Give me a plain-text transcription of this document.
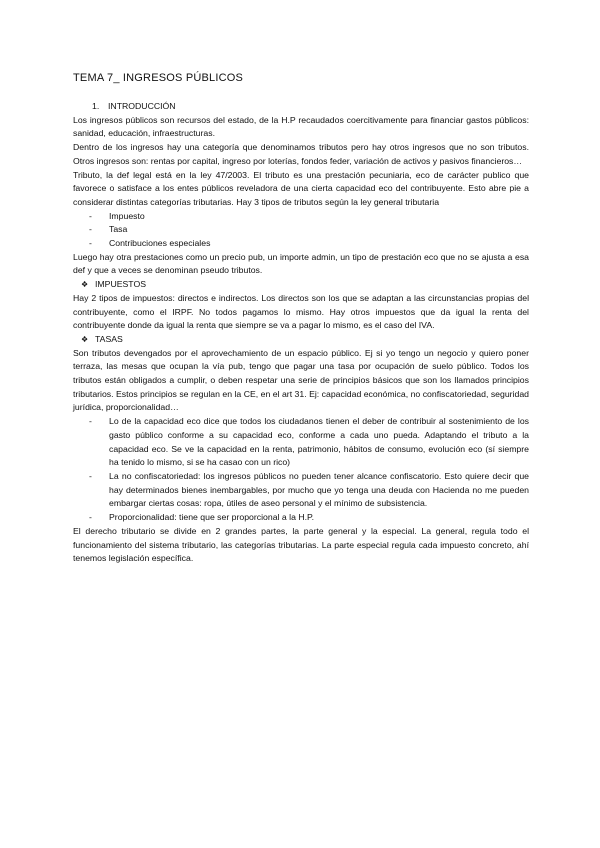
TEMA 7_ INGRESOS PÚBLICOS

1. INTRODUCCIÓN

Los ingresos públicos son recursos del estado, de la H.P recaudados coercitivamente para financiar gastos públicos: sanidad, educación, infraestructuras.

Dentro de los ingresos hay una categoría que denominamos tributos pero hay otros ingresos que no son tributos. Otros ingresos son: rentas por capital, ingreso por loterías, fondos feder, variación de activos y pasivos financieros…

Tributo, la def legal está en la ley 47/2003. El tributo es una prestación pecuniaria, eco de carácter publico que favorece o satisface a los entes públicos reveladora de una cierta capacidad eco del contribuyente. Esto abre pie a considerar distintas categorías tributarias. Hay 3 tipos de tributos según la ley general tributaria

- Impuesto
- Tasa
- Contribuciones especiales

Luego hay otra prestaciones como un precio pub, un importe admin, un tipo de prestación eco que no se ajusta a esa def y que a veces se denominan pseudo tributos.

❖ IMPUESTOS

Hay 2 tipos de impuestos: directos e indirectos. Los directos son los que se adaptan a las circunstancias propias del contribuyente, como el IRPF. No todos pagamos lo mismo. Hay otros impuestos que da igual la renta del contribuyente donde da igual la renta que siempre se va a pagar lo mismo, es el caso del IVA.

❖ TASAS

Son tributos devengados por el aprovechamiento de un espacio público. Ej si yo tengo un negocio y quiero poner terraza, las mesas que ocupan la vía pub, tengo que pagar una tasa por ocupación de suelo público. Todos los tributos están obligados a cumplir, o deben respetar una serie de principios básicos que son los llamados principios tributarios. Estos principios se regulan en la CE, en el art 31. Ej: capacidad económica, no confiscatoriedad, seguridad jurídica, proporcionalidad…

- Lo de la capacidad eco dice que todos los ciudadanos tienen el deber de contribuir al sostenimiento de los gasto público conforme a su capacidad eco, conforme a cada uno pueda. Adaptando el tributo a la capacidad eco. Se ve la capacidad en la renta, patrimonio, hábitos de consumo, evolución eco (sí siempre ha tenido lo mismo, si se ha casao con un rico)
- La no confiscatoriedad: los ingresos públicos no pueden tener alcance confiscatorio. Esto quiere decir que hay determinados bienes inembargables, por mucho que yo tenga una deuda con Hacienda no me pueden embargar ciertas cosas: ropa, útiles de aseo personal y el mínimo de subsistencia.
- Proporcionalidad: tiene que ser proporcional a la H.P.

El derecho tributario se divide en 2 grandes partes, la parte general y la especial. La general, regula todo el funcionamiento del sistema tributario, las categorías tributarias. La parte especial regula cada impuesto concreto, ahí tenemos legislación específica.
